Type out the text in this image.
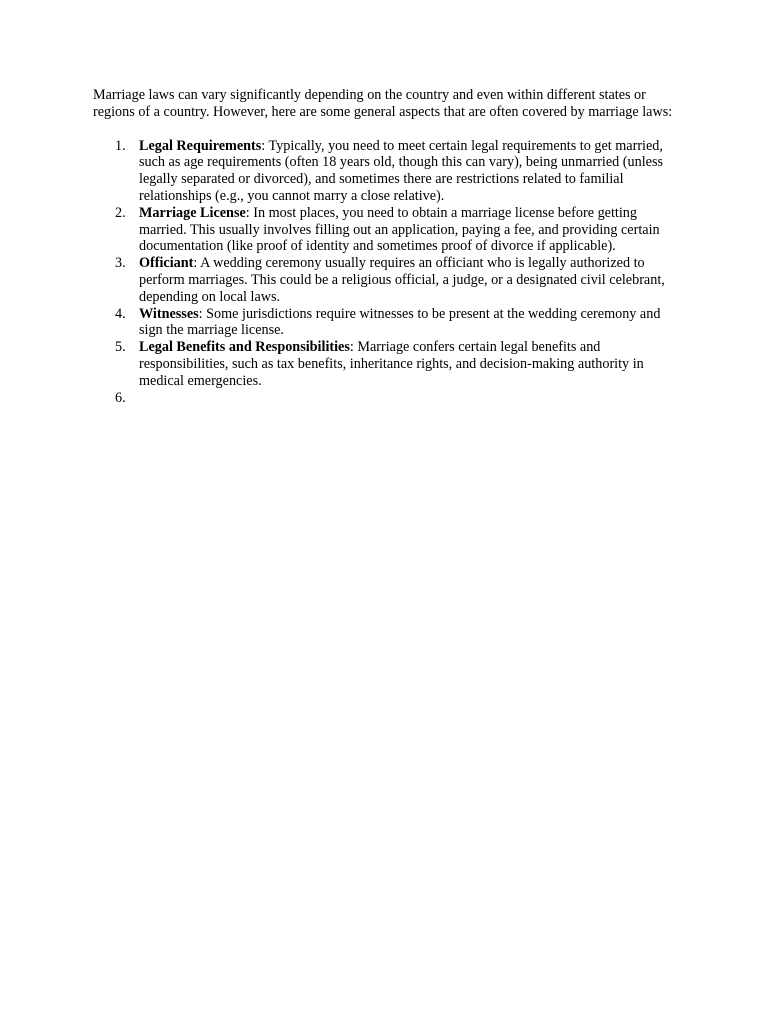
Marriage laws can vary significantly depending on the country and even within different states or regions of a country. However, here are some general aspects that are often covered by marriage laws:

1. Legal Requirements: Typically, you need to meet certain legal requirements to get married, such as age requirements (often 18 years old, though this can vary), being unmarried (unless legally separated or divorced), and sometimes there are restrictions related to familial relationships (e.g., you cannot marry a close relative).
2. Marriage License: In most places, you need to obtain a marriage license before getting married. This usually involves filling out an application, paying a fee, and providing certain documentation (like proof of identity and sometimes proof of divorce if applicable).
3. Officiant: A wedding ceremony usually requires an officiant who is legally authorized to perform marriages. This could be a religious official, a judge, or a designated civil celebrant, depending on local laws.
4. Witnesses: Some jurisdictions require witnesses to be present at the wedding ceremony and sign the marriage license.
5. Legal Benefits and Responsibilities: Marriage confers certain legal benefits and responsibilities, such as tax benefits, inheritance rights, and decision-making authority in medical emergencies.
6.
